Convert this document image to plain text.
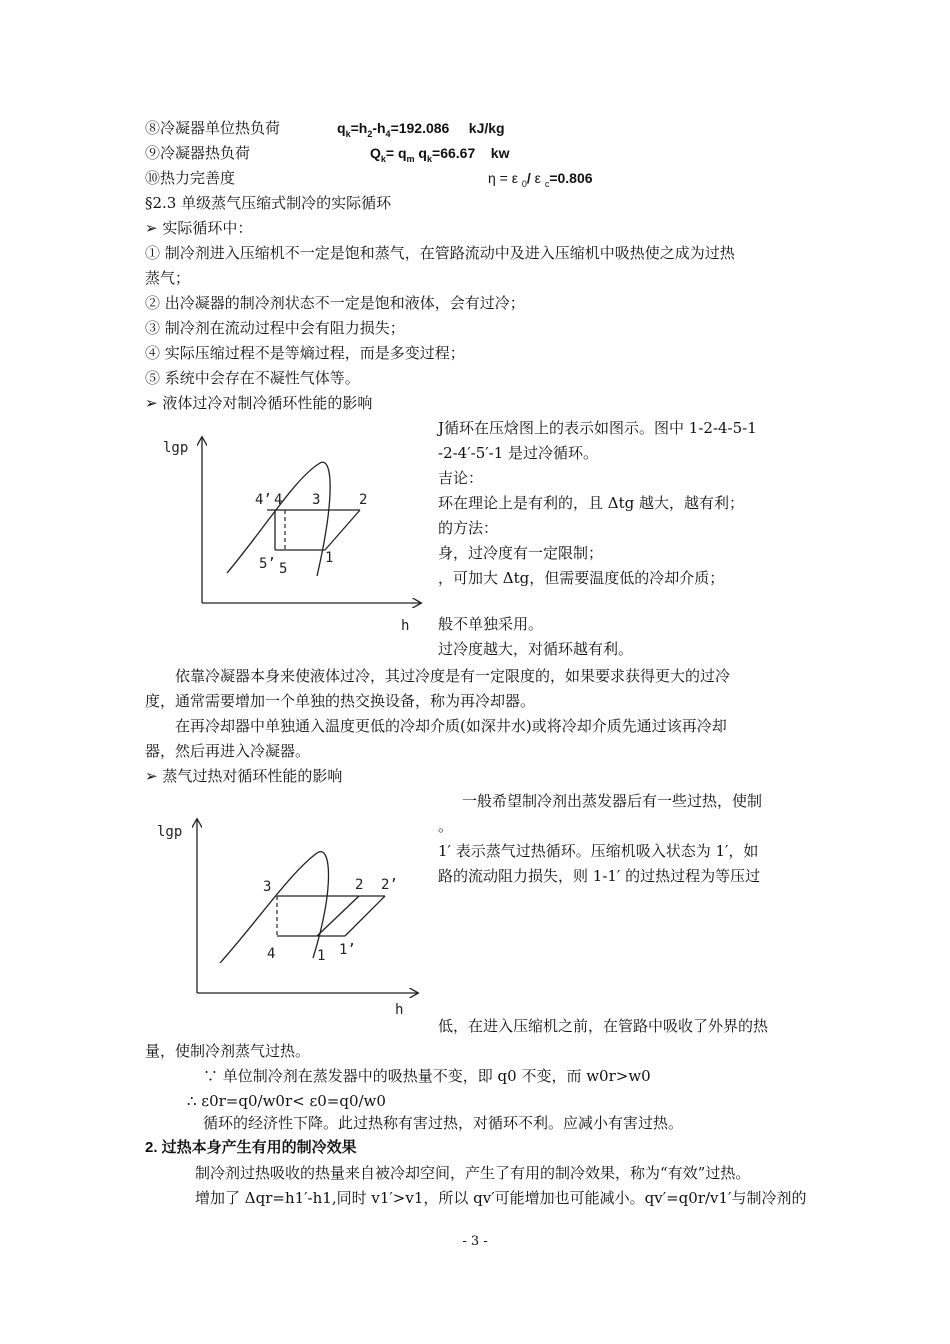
⑧冷凝器单位热负荷	$q_k=h_2-h_4=192.086$     kJ/kg
⑨冷凝器热负荷	$Q_k= q_m$ $q_k=66.67$    kw
⑩热力完善度	η = ε $_0$/ ε $_c$=0.806
§2.3 单级蒸气压缩式制冷的实际循环
➢ 实际循环中：
① 制冷剂进入压缩机不一定是饱和蒸气，在管路流动中及进入压缩机中吸热使之成为过热
蒸气；
② 出冷凝器的制冷剂状态不一定是饱和液体，会有过冷；
③ 制冷剂在流动过程中会有阻力损失；
④ 实际压缩过程不是等熵过程，而是多变过程；
⑤ 系统中会存在不凝性气体等。
➢ 液体过冷对制冷循环性能的影响
lgp
h
4’ 4 3	2
1
5’ 5
J循环在压焓图上的表示如图示。图中 1-2-4-5-1
-2-4′-5′-1 是过冷循环。
吉论：
环在理论上是有利的，且 Δtg 越大，越有利；
的方法：
身，过冷度有一定限制；
，可加大 Δtg，但需要温度低的冷却介质；
般不单独采用。
过冷度越大，对循环越有利。
依靠冷凝器本身来使液体过冷，其过冷度是有一定限度的，如果要求获得更大的过冷
度，通常需要增加一个单独的热交换设备，称为再冷却器。
在再冷却器中单独通入温度更低的冷却介质(如深井水)或将冷却介质先通过该再冷却
器，然后再进入冷凝器。
➢ 蒸气过热对循环性能的影响
lgp
h
3	2 2’
4	1 1’
一般希望制冷剂出蒸发器后有一些过热，使制
。
1′ 表示蒸气过热循环。压缩机吸入状态为 1′，如
路的流动阻力损失，则 1-1′ 的过热过程为等压过
低，在进入压缩机之前，在管路中吸收了外界的热
量，使制冷剂蒸气过热。
∵ 单位制冷剂在蒸发器中的吸热量不变，即 q0 不变，而 w0r>w0
∴ ε0r=q0/w0r< ε0=q0/w0
循环的经济性下降。此过热称有害过热，对循环不利。应减小有害过热。
2. 过热本身产生有用的制冷效果
制冷剂过热吸收的热量来自被冷却空间，产生了有用的制冷效果，称为“有效”过热。
增加了 Δqr=h1′-h1,同时 v1′>v1，所以 qv′可能增加也可能减小。qv′=q0r/v1′与制冷剂的
- 3 -
